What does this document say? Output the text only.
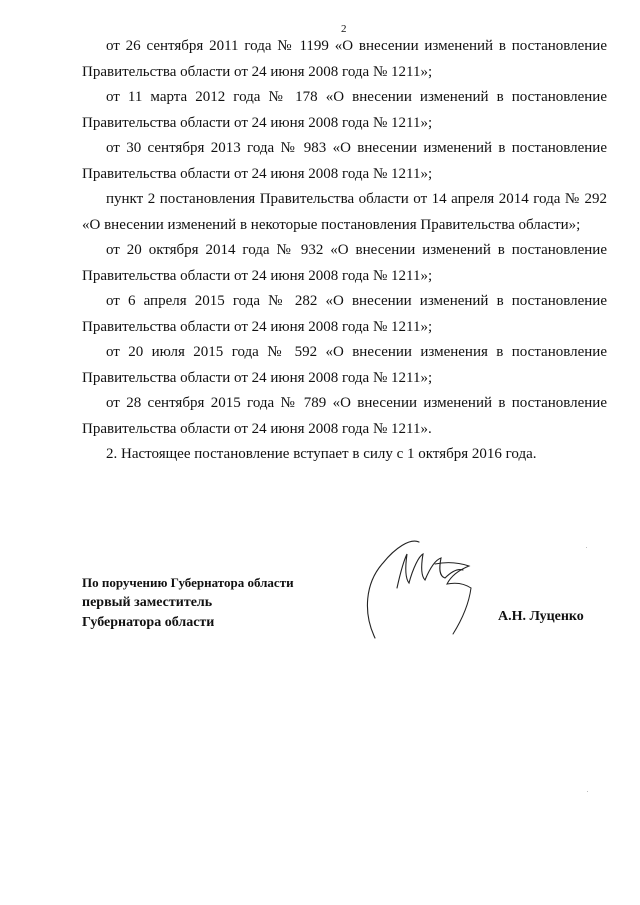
2

от 26 сентября 2011 года № 1199 «О внесении изменений в постановление Правительства области от 24 июня 2008 года № 1211»;

от 11 марта 2012 года № 178 «О внесении изменений в постановление Правительства области от 24 июня 2008 года № 1211»;

от 30 сентября 2013 года № 983 «О внесении изменений в постановление Правительства области от 24 июня 2008 года № 1211»;

пункт 2 постановления Правительства области от 14 апреля 2014 года № 292 «О внесении изменений в некоторые постановления Правительства области»;

от 20 октября 2014 года № 932 «О внесении изменений в постановление Правительства области от 24 июня 2008 года № 1211»;

от 6 апреля 2015 года № 282 «О внесении изменений в постановление Правительства области от 24 июня 2008 года № 1211»;

от 20 июля 2015 года № 592 «О внесении изменения в постановление Правительства области от 24 июня 2008 года № 1211»;

от 28 сентября 2015 года № 789 «О внесении изменений в постановление Правительства области от 24 июня 2008 года № 1211».

2. Настоящее постановление вступает в силу с 1 октября 2016 года.

По поручению Губернатора области
первый заместитель
Губернатора области	А.Н. Луценко
